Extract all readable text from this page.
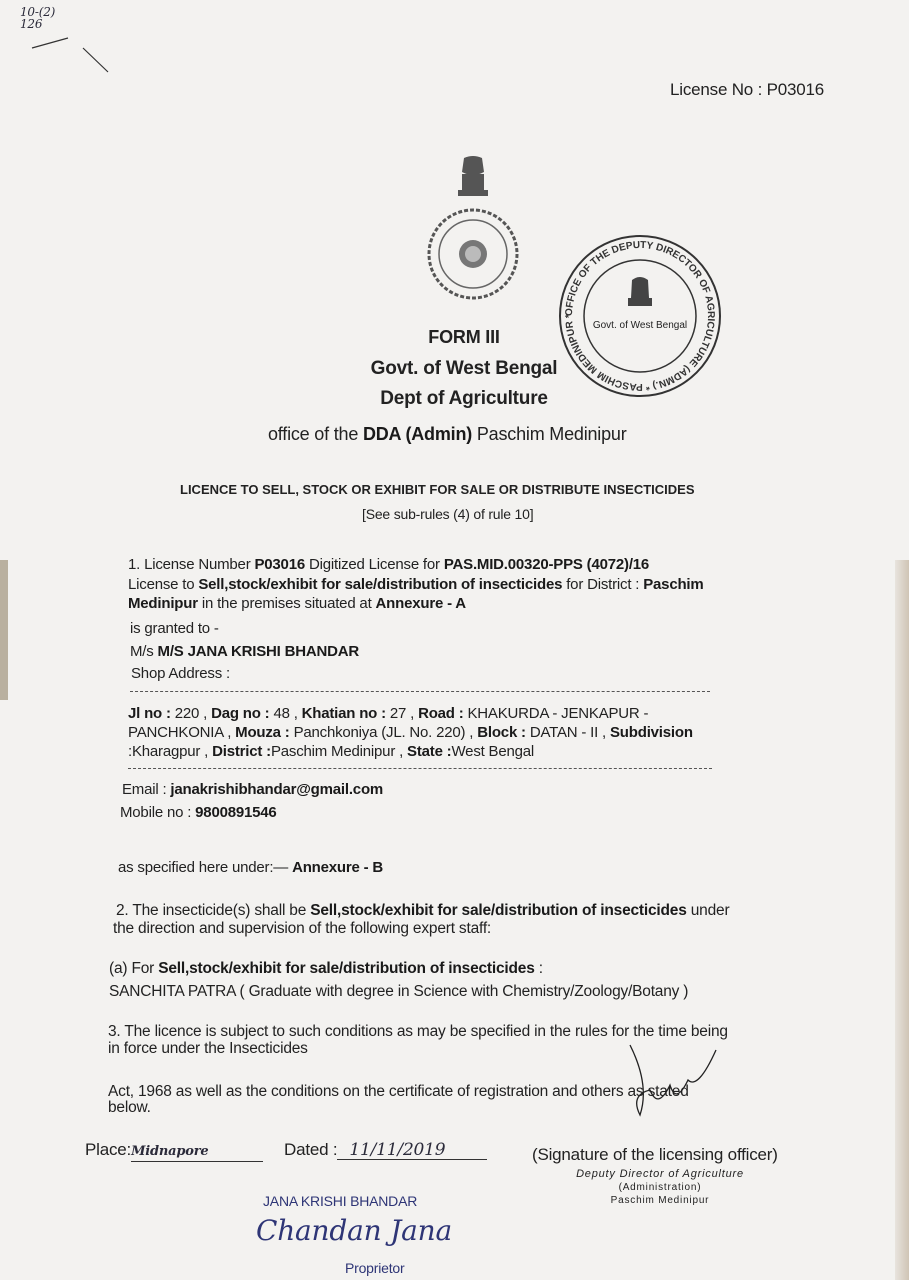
10-(2)
126
License No : P03016
OFFICE OF THE DEPUTY DIRECTOR OF AGRICULTURE (ADMN.) * PASCHIM MEDINIPUR *
Govt. of West Bengal
FORM III
Govt. of West Bengal
Dept of Agriculture
office of the DDA (Admin) Paschim Medinipur
LICENCE TO SELL, STOCK OR EXHIBIT FOR SALE OR DISTRIBUTE INSECTICIDES
[See sub-rules (4) of rule 10]
1. License Number P03016 Digitized License for PAS.MID.00320-PPS (4072)/16
License to Sell,stock/exhibit for sale/distribution of insecticides for District : Paschim
Medinipur in the premises situated at Annexure - A
is granted to -
M/s M/S JANA KRISHI BHANDAR
Shop Address :
Jl no : 220 , Dag no : 48 , Khatian no : 27 , Road : KHAKURDA - JENKAPUR -
PANCHKONIA , Mouza : Panchkoniya (JL. No. 220) , Block : DATAN - II , Subdivision
:Kharagpur , District :Paschim Medinipur , State :West Bengal
Email : janakrishibhandar@gmail.com
Mobile no : 9800891546
as specified here under:— Annexure - B
2. The insecticide(s) shall be Sell,stock/exhibit for sale/distribution of insecticides under
the direction and supervision of the following expert staff:
(a) For Sell,stock/exhibit for sale/distribution of insecticides :
SANCHITA PATRA ( Graduate with degree in Science with Chemistry/Zoology/Botany )
3. The licence is subject to such conditions as may be specified in the rules for the time being
in force under the Insecticides
Act, 1968 as well as the conditions on the certificate of registration and others as stated
below.
Place:Midnapore	Dated : 11/11/2019	(Signature of the licensing officer)
Deputy Director of Agriculture
(Administration)
Paschim Medinipur
JANA KRISHI BHANDAR
Chandan Jana
Proprietor
